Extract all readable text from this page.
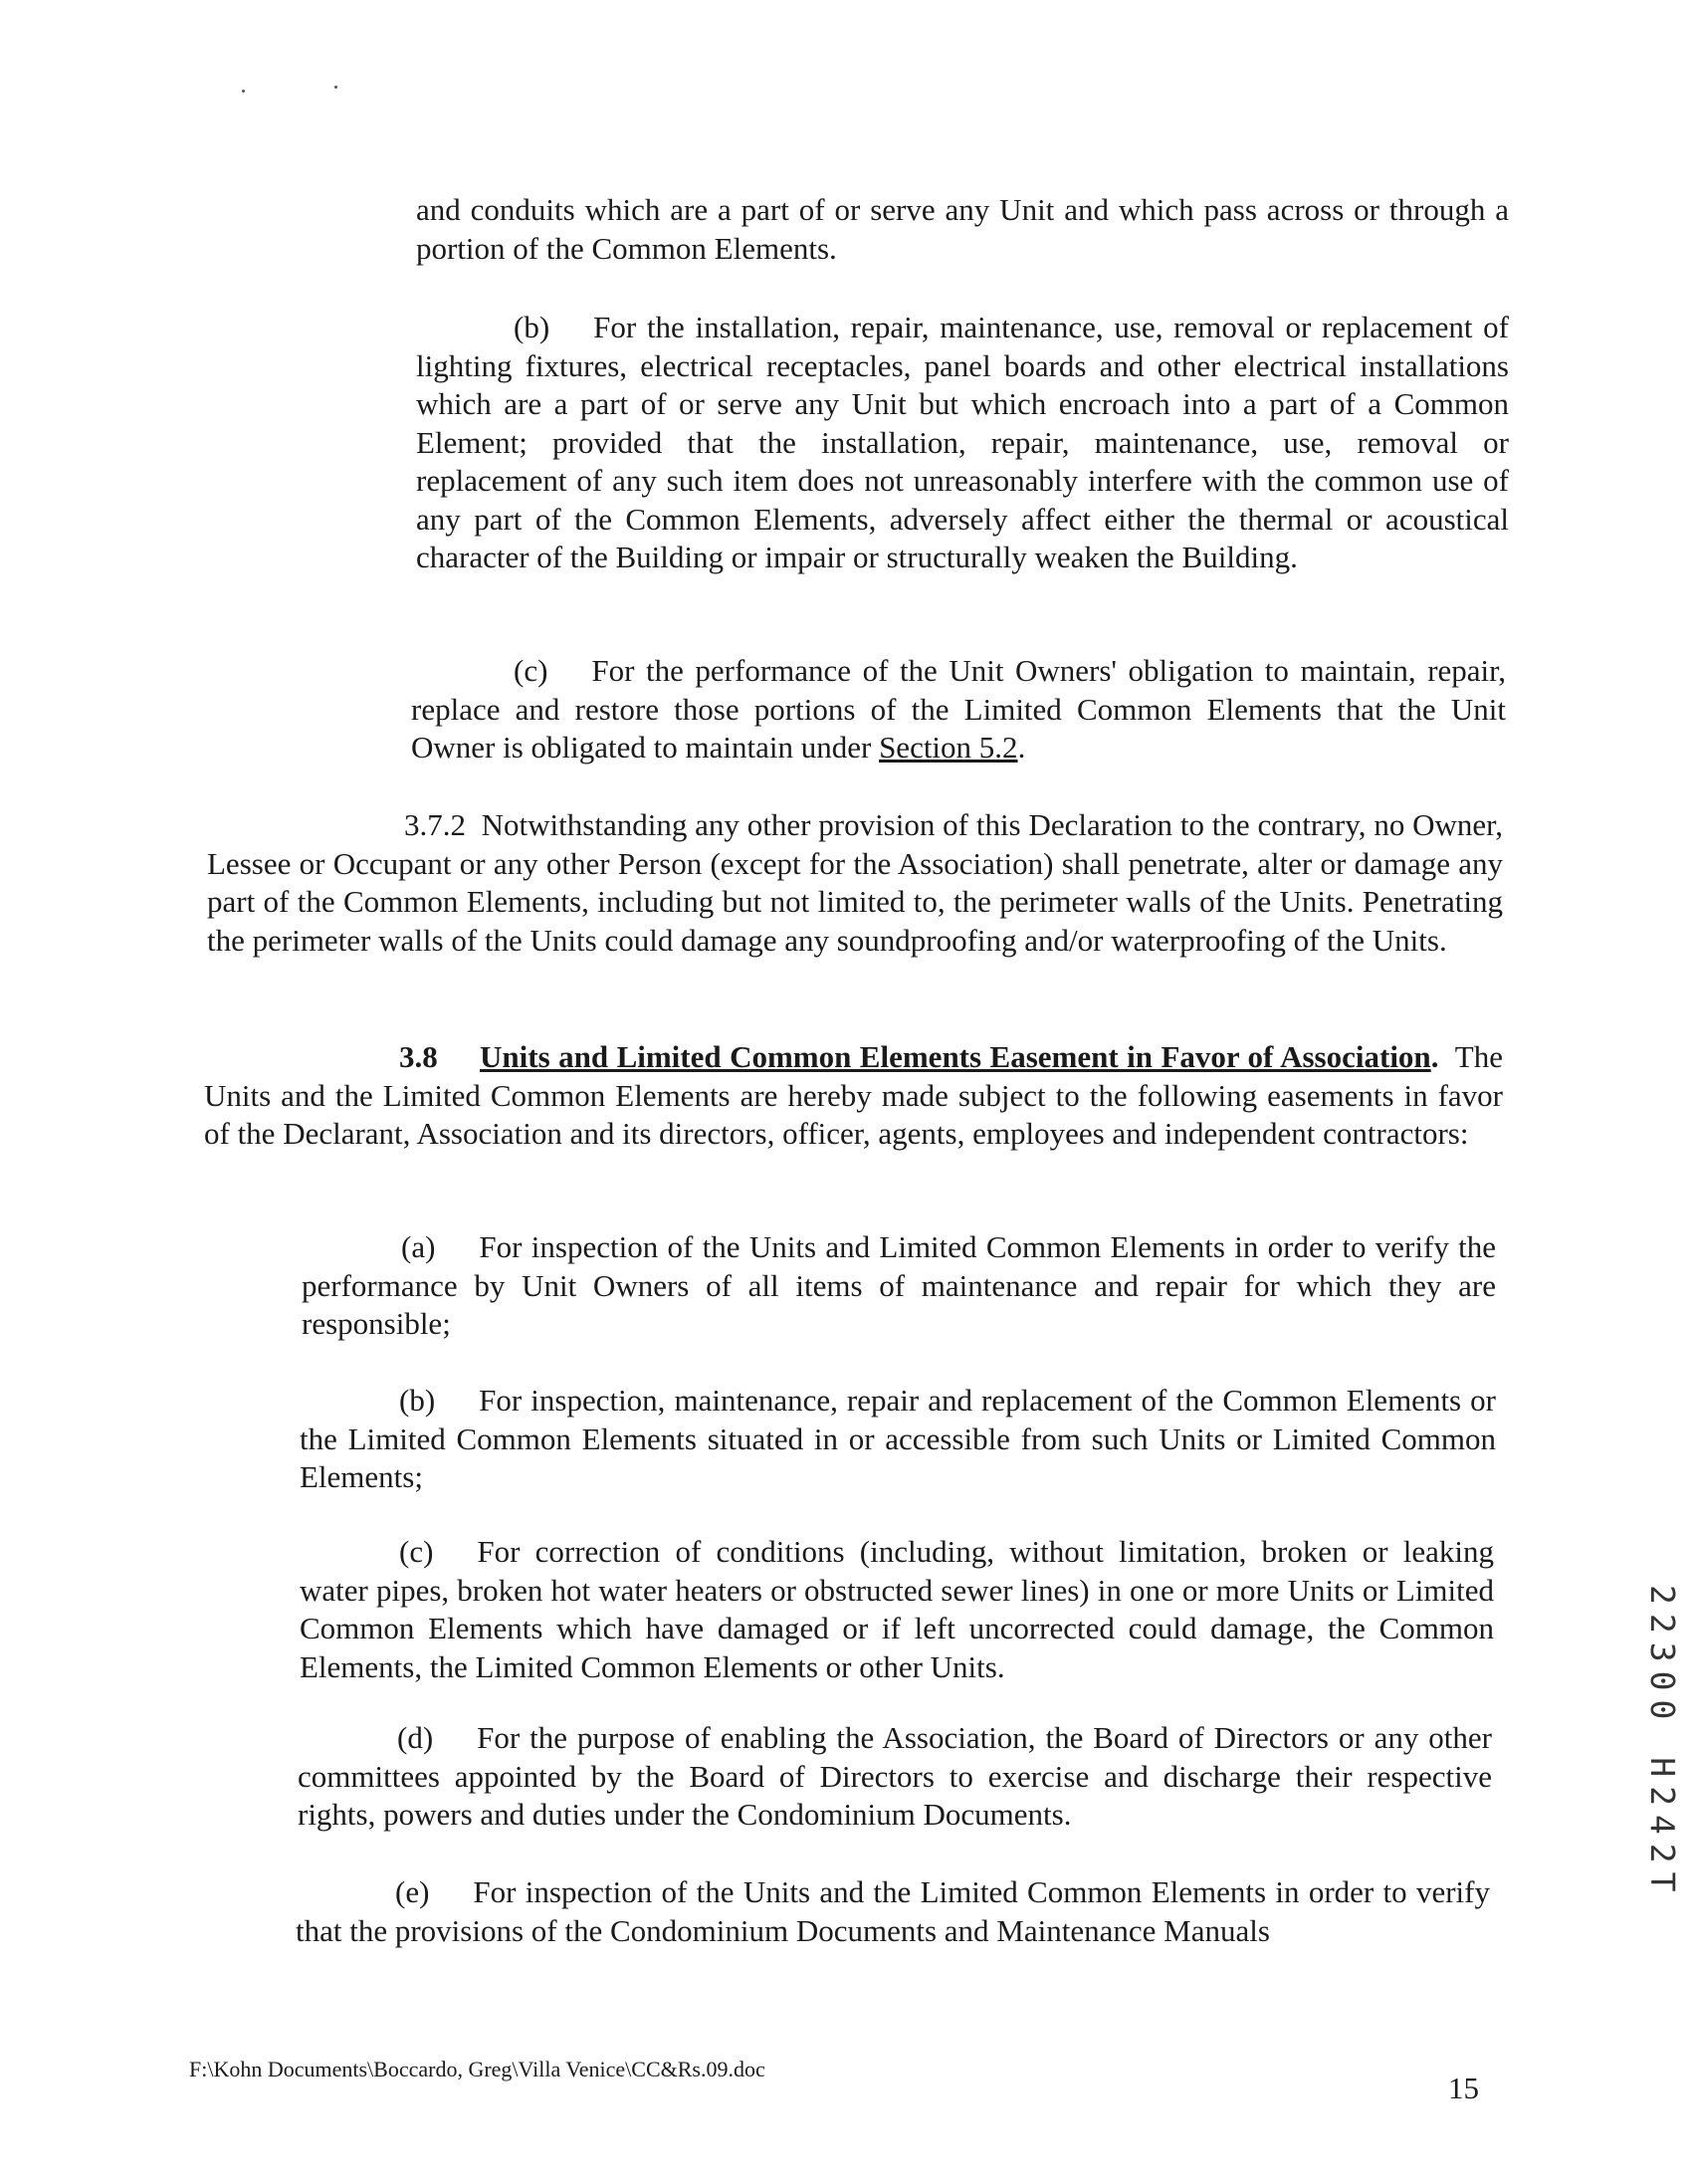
and conduits which are a part of or serve any Unit and which pass across or through a portion of the Common Elements.

(b) For the installation, repair, maintenance, use, removal or replacement of lighting fixtures, electrical receptacles, panel boards and other electrical installations which are a part of or serve any Unit but which encroach into a part of a Common Element; provided that the installation, repair, maintenance, use, removal or replacement of any such item does not unreasonably interfere with the common use of any part of the Common Elements, adversely affect either the thermal or acoustical character of the Building or impair or structurally weaken the Building.

(c) For the performance of the Unit Owners' obligation to maintain, repair, replace and restore those portions of the Limited Common Elements that the Unit Owner is obligated to maintain under Section 5.2.

3.7.2 Notwithstanding any other provision of this Declaration to the contrary, no Owner, Lessee or Occupant or any other Person (except for the Association) shall penetrate, alter or damage any part of the Common Elements, including but not limited to, the perimeter walls of the Units. Penetrating the perimeter walls of the Units could damage any soundproofing and/or waterproofing of the Units.

3.8 Units and Limited Common Elements Easement in Favor of Association. The Units and the Limited Common Elements are hereby made subject to the following easements in favor of the Declarant, Association and its directors, officer, agents, employees and independent contractors:

(a) For inspection of the Units and Limited Common Elements in order to verify the performance by Unit Owners of all items of maintenance and repair for which they are responsible;

(b) For inspection, maintenance, repair and replacement of the Common Elements or the Limited Common Elements situated in or accessible from such Units or Limited Common Elements;

(c) For correction of conditions (including, without limitation, broken or leaking water pipes, broken hot water heaters or obstructed sewer lines) in one or more Units or Limited Common Elements which have damaged or if left uncorrected could damage, the Common Elements, the Limited Common Elements or other Units.

(d) For the purpose of enabling the Association, the Board of Directors or any other committees appointed by the Board of Directors to exercise and discharge their respective rights, powers and duties under the Condominium Documents.

(e) For inspection of the Units and the Limited Common Elements in order to verify that the provisions of the Condominium Documents and Maintenance Manuals

22300 H242T
F:\Kohn Documents\Boccardo, Greg\Villa Venice\CC&Rs.09.doc
15
